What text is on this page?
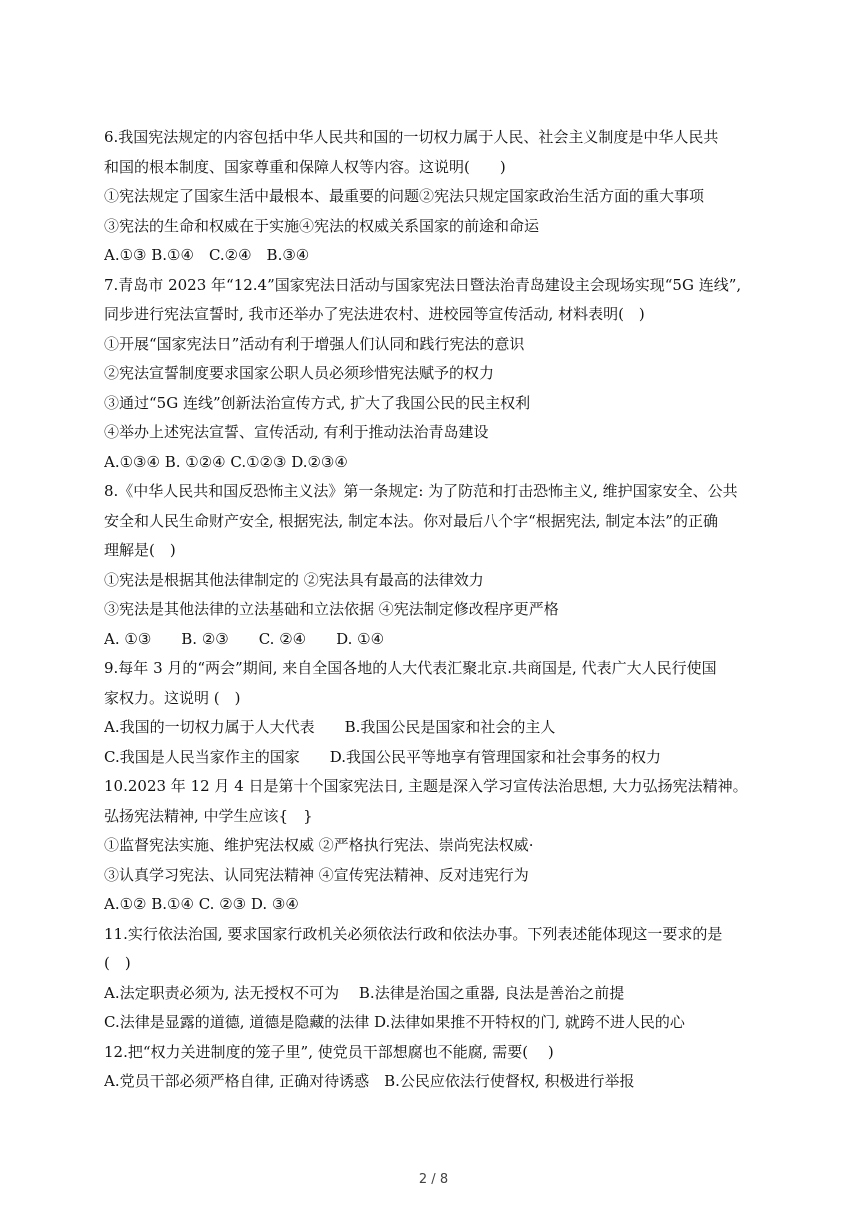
6.我国宪法规定的内容包括中华人民共和国的一切权力属于人民、社会主义制度是中华人民共
和国的根本制度、国家尊重和保障人权等内容。这说明(　　)
①宪法规定了国家生活中最根本、最重要的问题②宪法只规定国家政治生活方面的重大事项
③宪法的生命和权威在于实施④宪法的权威关系国家的前途和命运
A.①③ B.①④　C.②④　B.③④
7.青岛市 2023 年“12.4”国家宪法日活动与国家宪法日暨法治青岛建设主会现场实现“5G 连线”,
同步进行宪法宣誓时, 我市还举办了宪法进农村、进校园等宣传活动, 材料表明(　)
①开展“国家宪法日”活动有利于增强人们认同和践行宪法的意识
②宪法宣誓制度要求国家公职人员必须珍惜宪法赋予的权力
③通过“5G 连线”创新法治宣传方式, 扩大了我国公民的民主权利
④举办上述宪法宣誓、宣传活动, 有利于推动法治青岛建设
A.①③④ B. ①②④ C.①②③ D.②③④
8.《中华人民共和国反恐怖主义法》第一条规定: 为了防范和打击恐怖主义, 维护国家安全、公共
安全和人民生命财产安全, 根据宪法, 制定本法。你对最后八个字“根据宪法, 制定本法”的正确
理解是(　)
①宪法是根据其他法律制定的 ②宪法具有最高的法律效力
③宪法是其他法律的立法基础和立法依据 ④宪法制定修改程序更严格
A. ①③　　B. ②③　　C. ②④　　D. ①④
9.每年 3 月的“两会”期间, 来自全国各地的人大代表汇聚北京.共商国是, 代表广大人民行使国
家权力。这说明 (　)
A.我国的一切权力属于人大代表　　B.我国公民是国家和社会的主人
C.我国是人民当家作主的国家　　D.我国公民平等地享有管理国家和社会事务的权力
10.2023 年 12 月 4 日是第十个国家宪法日, 主题是深入学习宣传法治思想, 大力弘扬宪法精神。
弘扬宪法精神, 中学生应该{　}
①监督宪法实施、维护宪法权威 ②严格执行宪法、崇尚宪法权威·
③认真学习宪法、认同宪法精神 ④宣传宪法精神、反对违宪行为
A.①② B.①④ C. ②③ D. ③④
11.实行依法治国, 要求国家行政机关必须依法行政和依法办事。下列表述能体现这一要求的是
(　)
A.法定职责必须为, 法无授权不可为　 B.法律是治国之重器, 良法是善治之前提
C.法律是显露的道德, 道德是隐藏的法律 D.法律如果推不开特权的门, 就跨不进人民的心
12.把“权力关进制度的笼子里”, 使党员干部想腐也不能腐, 需要(　 )
A.党员干部必须严格自律, 正确对待诱惑　B.公民应依法行使督权, 积极进行举报
2 / 8
